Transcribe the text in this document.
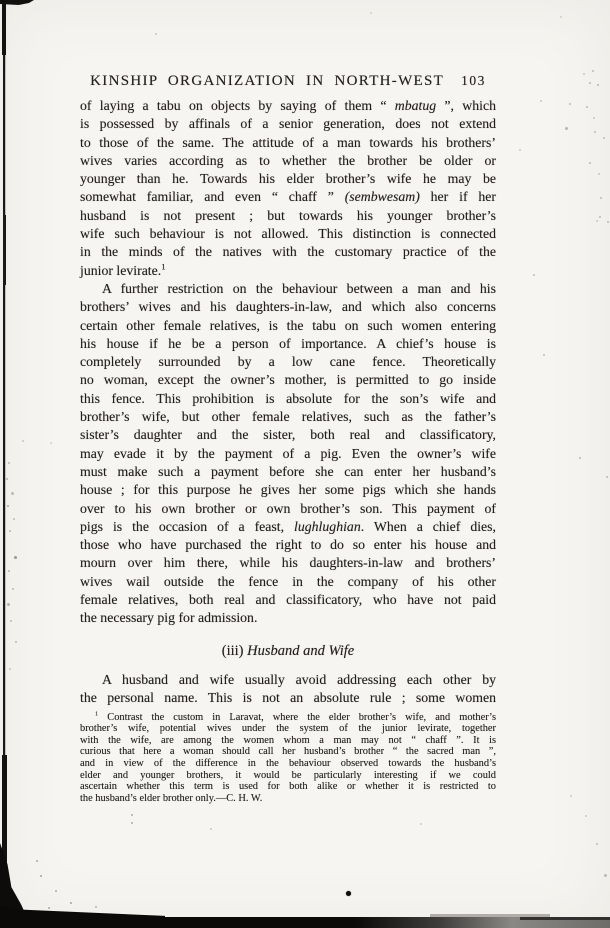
KINSHIP ORGANIZATION IN NORTH-WEST 103
of laying a tabu on objects by saying of them “ mbatug ”, which
is possessed by affinals of a senior generation, does not extend
to those of the same. The attitude of a man towards his brothers’
wives varies according as to whether the brother be older or
younger than he. Towards his elder brother’s wife he may be
somewhat familiar, and even “ chaff ” (sembwesam) her if her
husband is not present ; but towards his younger brother’s
wife such behaviour is not allowed. This distinction is connected
in the minds of the natives with the customary practice of the
junior levirate.$^1$
A further restriction on the behaviour between a man and his
brothers’ wives and his daughters-in-law, and which also concerns
certain other female relatives, is the tabu on such women entering
his house if he be a person of importance. A chief’s house is
completely surrounded by a low cane fence. Theoretically
no woman, except the owner’s mother, is permitted to go inside
this fence. This prohibition is absolute for the son’s wife and
brother’s wife, but other female relatives, such as the father’s
sister’s daughter and the sister, both real and classificatory,
may evade it by the payment of a pig. Even the owner’s wife
must make such a payment before she can enter her husband’s
house ; for this purpose he gives her some pigs which she hands
over to his own brother or own brother’s son. This payment of
pigs is the occasion of a feast, lughlughian. When a chief dies,
those who have purchased the right to do so enter his house and
mourn over him there, while his daughters-in-law and brothers’
wives wail outside the fence in the company of his other
female relatives, both real and classificatory, who have not paid
the necessary pig for admission.
(iii) Husband and Wife
A husband and wife usually avoid addressing each other by
the personal name. This is not an absolute rule ; some women
$^1$ Contrast the custom in Laravat, where the elder brother’s wife, and mother’s
brother’s wife, potential wives under the system of the junior levirate, together
with the wife, are among the women whom a man may not “ chaff ”. It is
curious that here a woman should call her husband’s brother “ the sacred man ”,
and in view of the difference in the behaviour observed towards the husband’s
elder and younger brothers, it would be particularly interesting if we could
ascertain whether this term is used for both alike or whether it is restricted to
the husband’s elder brother only.—C. H. W.
